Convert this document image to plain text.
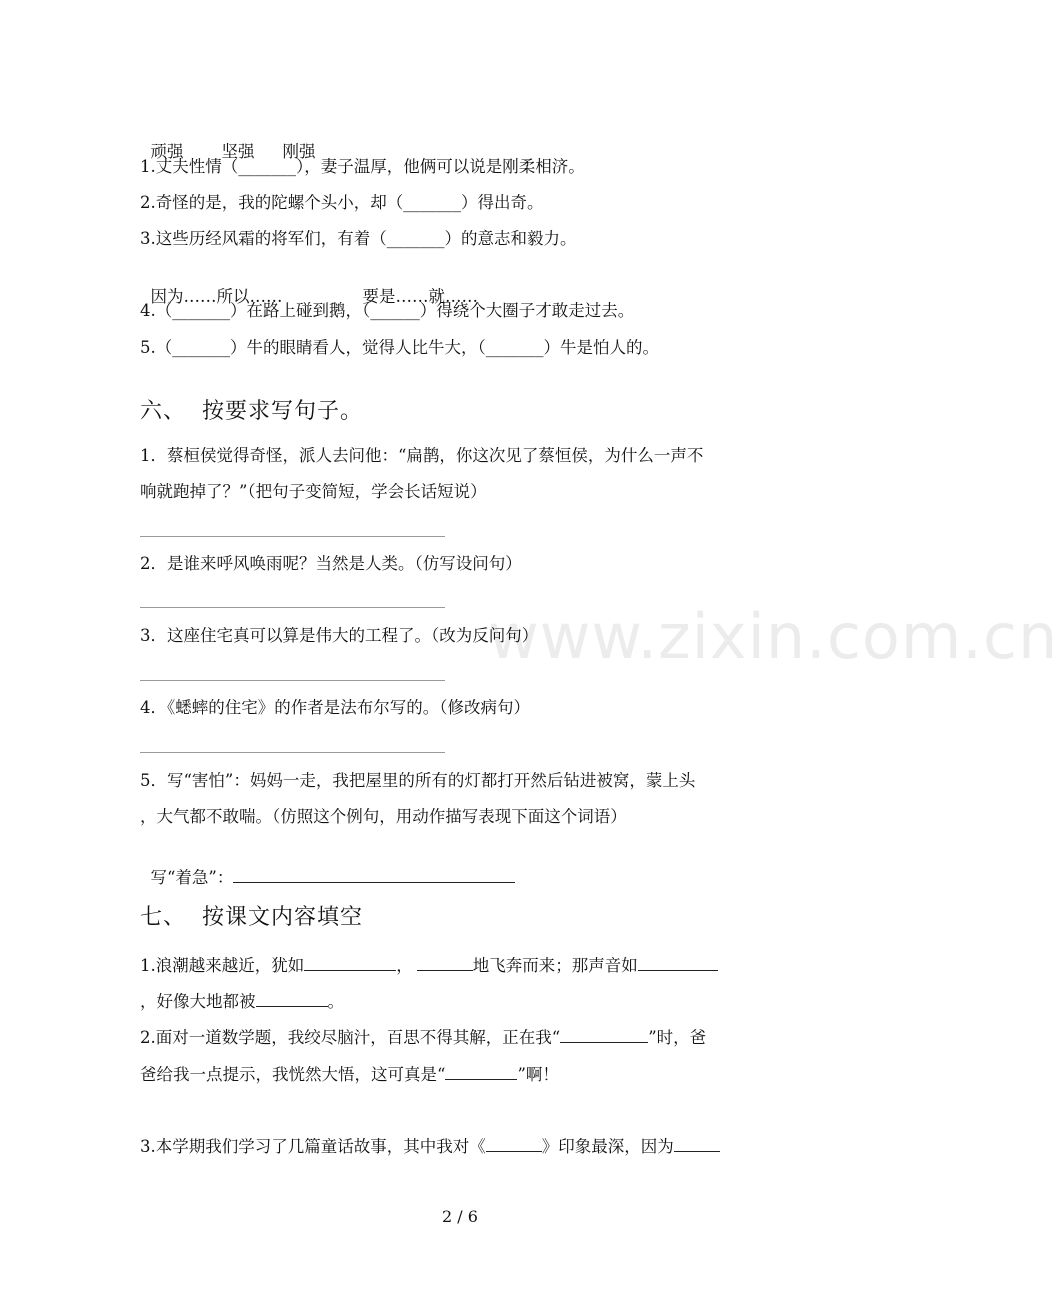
www.zixin.com.cn

顽强 坚强 刚强

1.丈夫性情（_______），妻子温厚，他俩可以说是刚柔相济。
2.奇怪的是，我的陀螺个头小，却（_______）得出奇。
3.这些历经风霜的将军们，有着（_______）的意志和毅力。

因为……所以……	要是……就……

4.（_______）在路上碰到鹅，（______）得绕个大圈子才敢走过去。
5.（_______）牛的眼睛看人，觉得人比牛大，（_______）牛是怕人的。
六、  按要求写句子。
1．蔡桓侯觉得奇怪，派人去问他：“扁鹊，你这次见了蔡恒侯，为什么一声不
响就跑掉了？”（把句子变简短，学会长话短说）
2．是谁来呼风唤雨呢？当然是人类。（仿写设问句）
3．这座住宅真可以算是伟大的工程了。（改为反问句）
4．《蟋蟀的住宅》的作者是法布尔写的。（修改病句）
5．写“害怕”：妈妈一走，我把屋里的所有的灯都打开然后钻进被窝，蒙上头
，大气都不敢喘。（仿照这个例句，用动作描写表现下面这个词语）

写“着急”：

七、  按课文内容填空
1.浪潮越来越近，犹如	，	地飞奔而来；那声音如
，好像大地都被	。
2.面对一道数学题，我绞尽脑汁，百思不得其解，正在我“	”时，爸
爸给我一点提示，我恍然大悟，这可真是“	”啊！
3.本学期我们学习了几篇童话故事，其中我对《	》印象最深，因为
2 / 6
